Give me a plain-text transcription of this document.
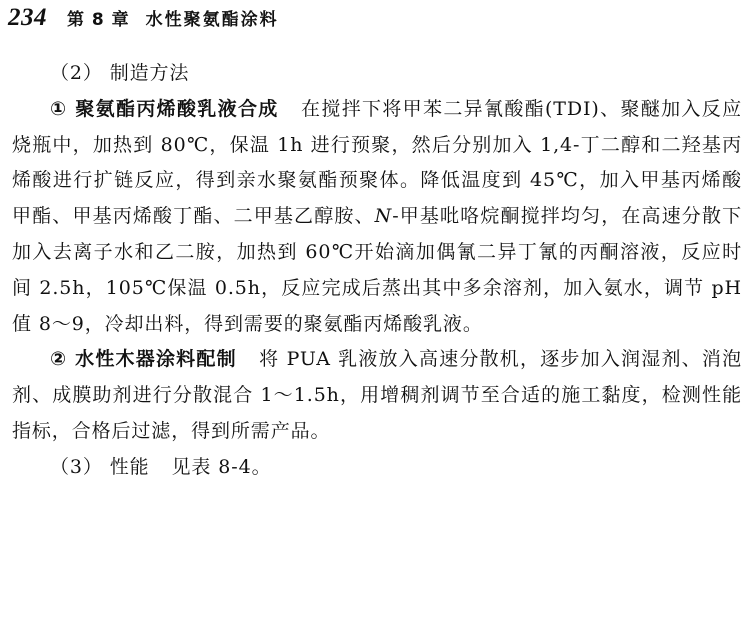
234 第 8 章 水性聚氨酯涂料

（2） 制造方法

① 聚氨酯丙烯酸乳液合成 在搅拌下将甲苯二异氰酸酯(TDI)、聚醚加入反应烧瓶中，加热到 80℃，保温 1h 进行预聚，然后分别加入 1,4-丁二醇和二羟基丙烯酸进行扩链反应，得到亲水聚氨酯预聚体。降低温度到 45℃，加入甲基丙烯酸甲酯、甲基丙烯酸丁酯、二甲基乙醇胺、N-甲基吡咯烷酮搅拌均匀，在高速分散下加入去离子水和乙二胺，加热到 60℃开始滴加偶氰二异丁氰的丙酮溶液，反应时间 2.5h，105℃保温 0.5h，反应完成后蒸出其中多余溶剂，加入氨水，调节 pH 值 8～9，冷却出料，得到需要的聚氨酯丙烯酸乳液。

② 水性木器涂料配制 将 PUA 乳液放入高速分散机，逐步加入润湿剂、消泡剂、成膜助剂进行分散混合 1～1.5h，用增稠剂调节至合适的施工黏度，检测性能指标，合格后过滤，得到所需产品。

（3） 性能 见表 8-4。
